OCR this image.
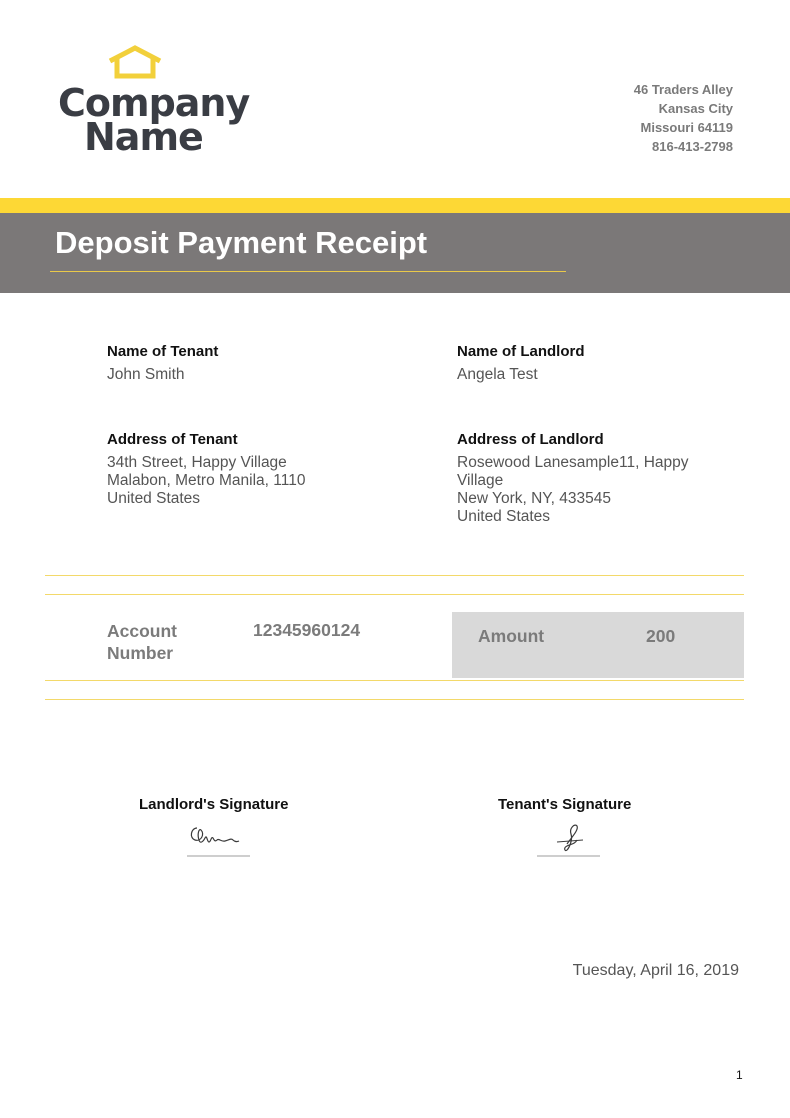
Company
Name
46 Traders Alley
Kansas City
Missouri 64119
816-413-2798
Deposit Payment Receipt
Name of Tenant
John Smith
Address of Tenant
34th Street, Happy Village
Malabon, Metro Manila, 1110
United States
Name of Landlord
Angela Test
Address of Landlord
Rosewood Lanesample11, Happy
Village
New York, NY, 433545
United States
Account
Number
12345960124	Amount	200
Landlord's Signature	Tenant's Signature
Tuesday, April 16, 2019
1
